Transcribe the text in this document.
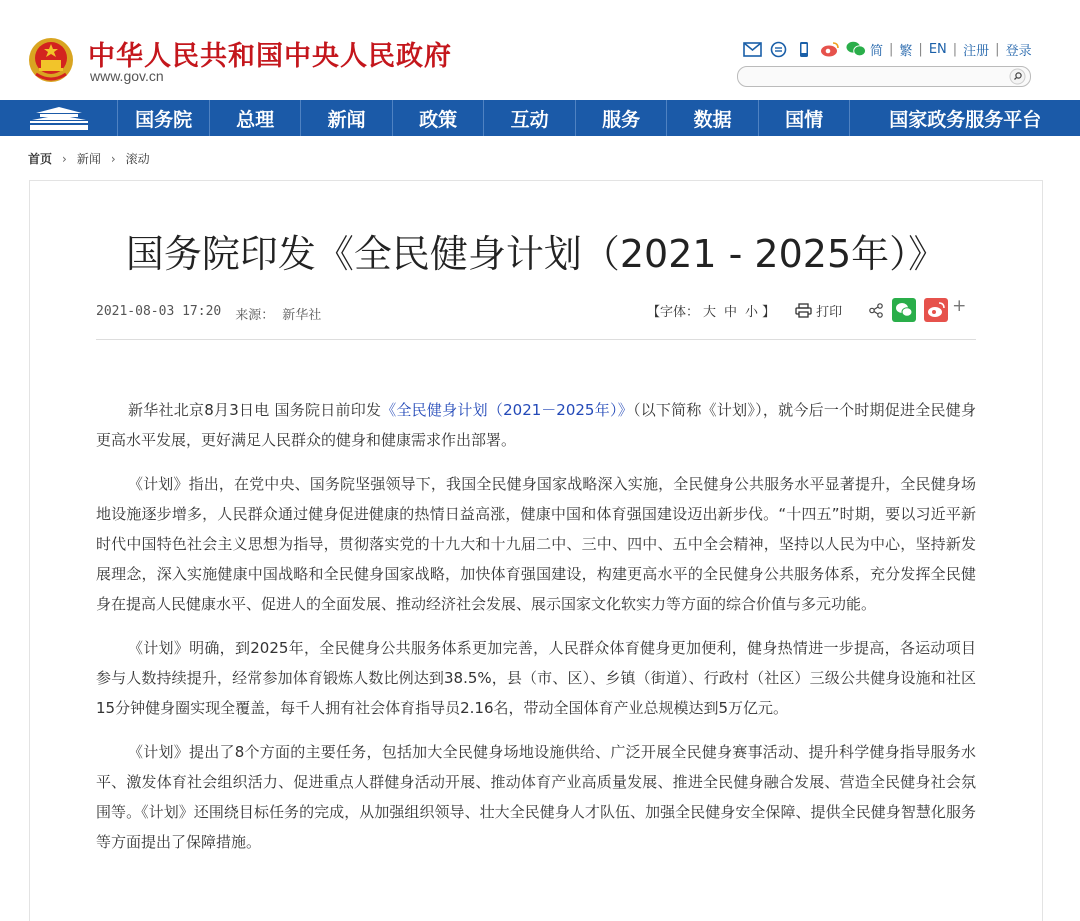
中华人民共和国中央人民政府
www.gov.cn
简 | 繁 | EN | 注册 | 登录
国务院	总理	新闻	政策	互动	服务	数据	国情	国家政务服务平台
首页 › 新闻 › 滚动
国务院印发《全民健身计划（2021 - 2025年）》
2021-08-03 17:20 来源： 新华社	【字体： 大 中 小 】	打印	+

新华社北京8月3日电 国务院日前印发《全民健身计划（2021－2025年）》（以下简称《计划》），就今后一个时期促进全民健身更高水平发展，更好满足人民群众的健身和健康需求作出部署。

《计划》指出，在党中央、国务院坚强领导下，我国全民健身国家战略深入实施，全民健身公共服务水平显著提升，全民健身场地设施逐步增多，人民群众通过健身促进健康的热情日益高涨，健康中国和体育强国建设迈出新步伐。“十四五”时期，要以习近平新时代中国特色社会主义思想为指导，贯彻落实党的十九大和十九届二中、三中、四中、五中全会精神，坚持以人民为中心，坚持新发展理念，深入实施健康中国战略和全民健身国家战略，加快体育强国建设，构建更高水平的全民健身公共服务体系，充分发挥全民健身在提高人民健康水平、促进人的全面发展、推动经济社会发展、展示国家文化软实力等方面的综合价值与多元功能。

《计划》明确，到2025年，全民健身公共服务体系更加完善，人民群众体育健身更加便利，健身热情进一步提高，各运动项目参与人数持续提升，经常参加体育锻炼人数比例达到38.5%，县（市、区）、乡镇（街道）、行政村（社区）三级公共健身设施和社区15分钟健身圈实现全覆盖，每千人拥有社会体育指导员2.16名，带动全国体育产业总规模达到5万亿元。

《计划》提出了8个方面的主要任务，包括加大全民健身场地设施供给、广泛开展全民健身赛事活动、提升科学健身指导服务水平、激发体育社会组织活力、促进重点人群健身活动开展、推动体育产业高质量发展、推进全民健身融合发展、营造全民健身社会氛围等。《计划》还围绕目标任务的完成，从加强组织领导、壮大全民健身人才队伍、加强全民健身安全保障、提供全民健身智慧化服务等方面提出了保障措施。
